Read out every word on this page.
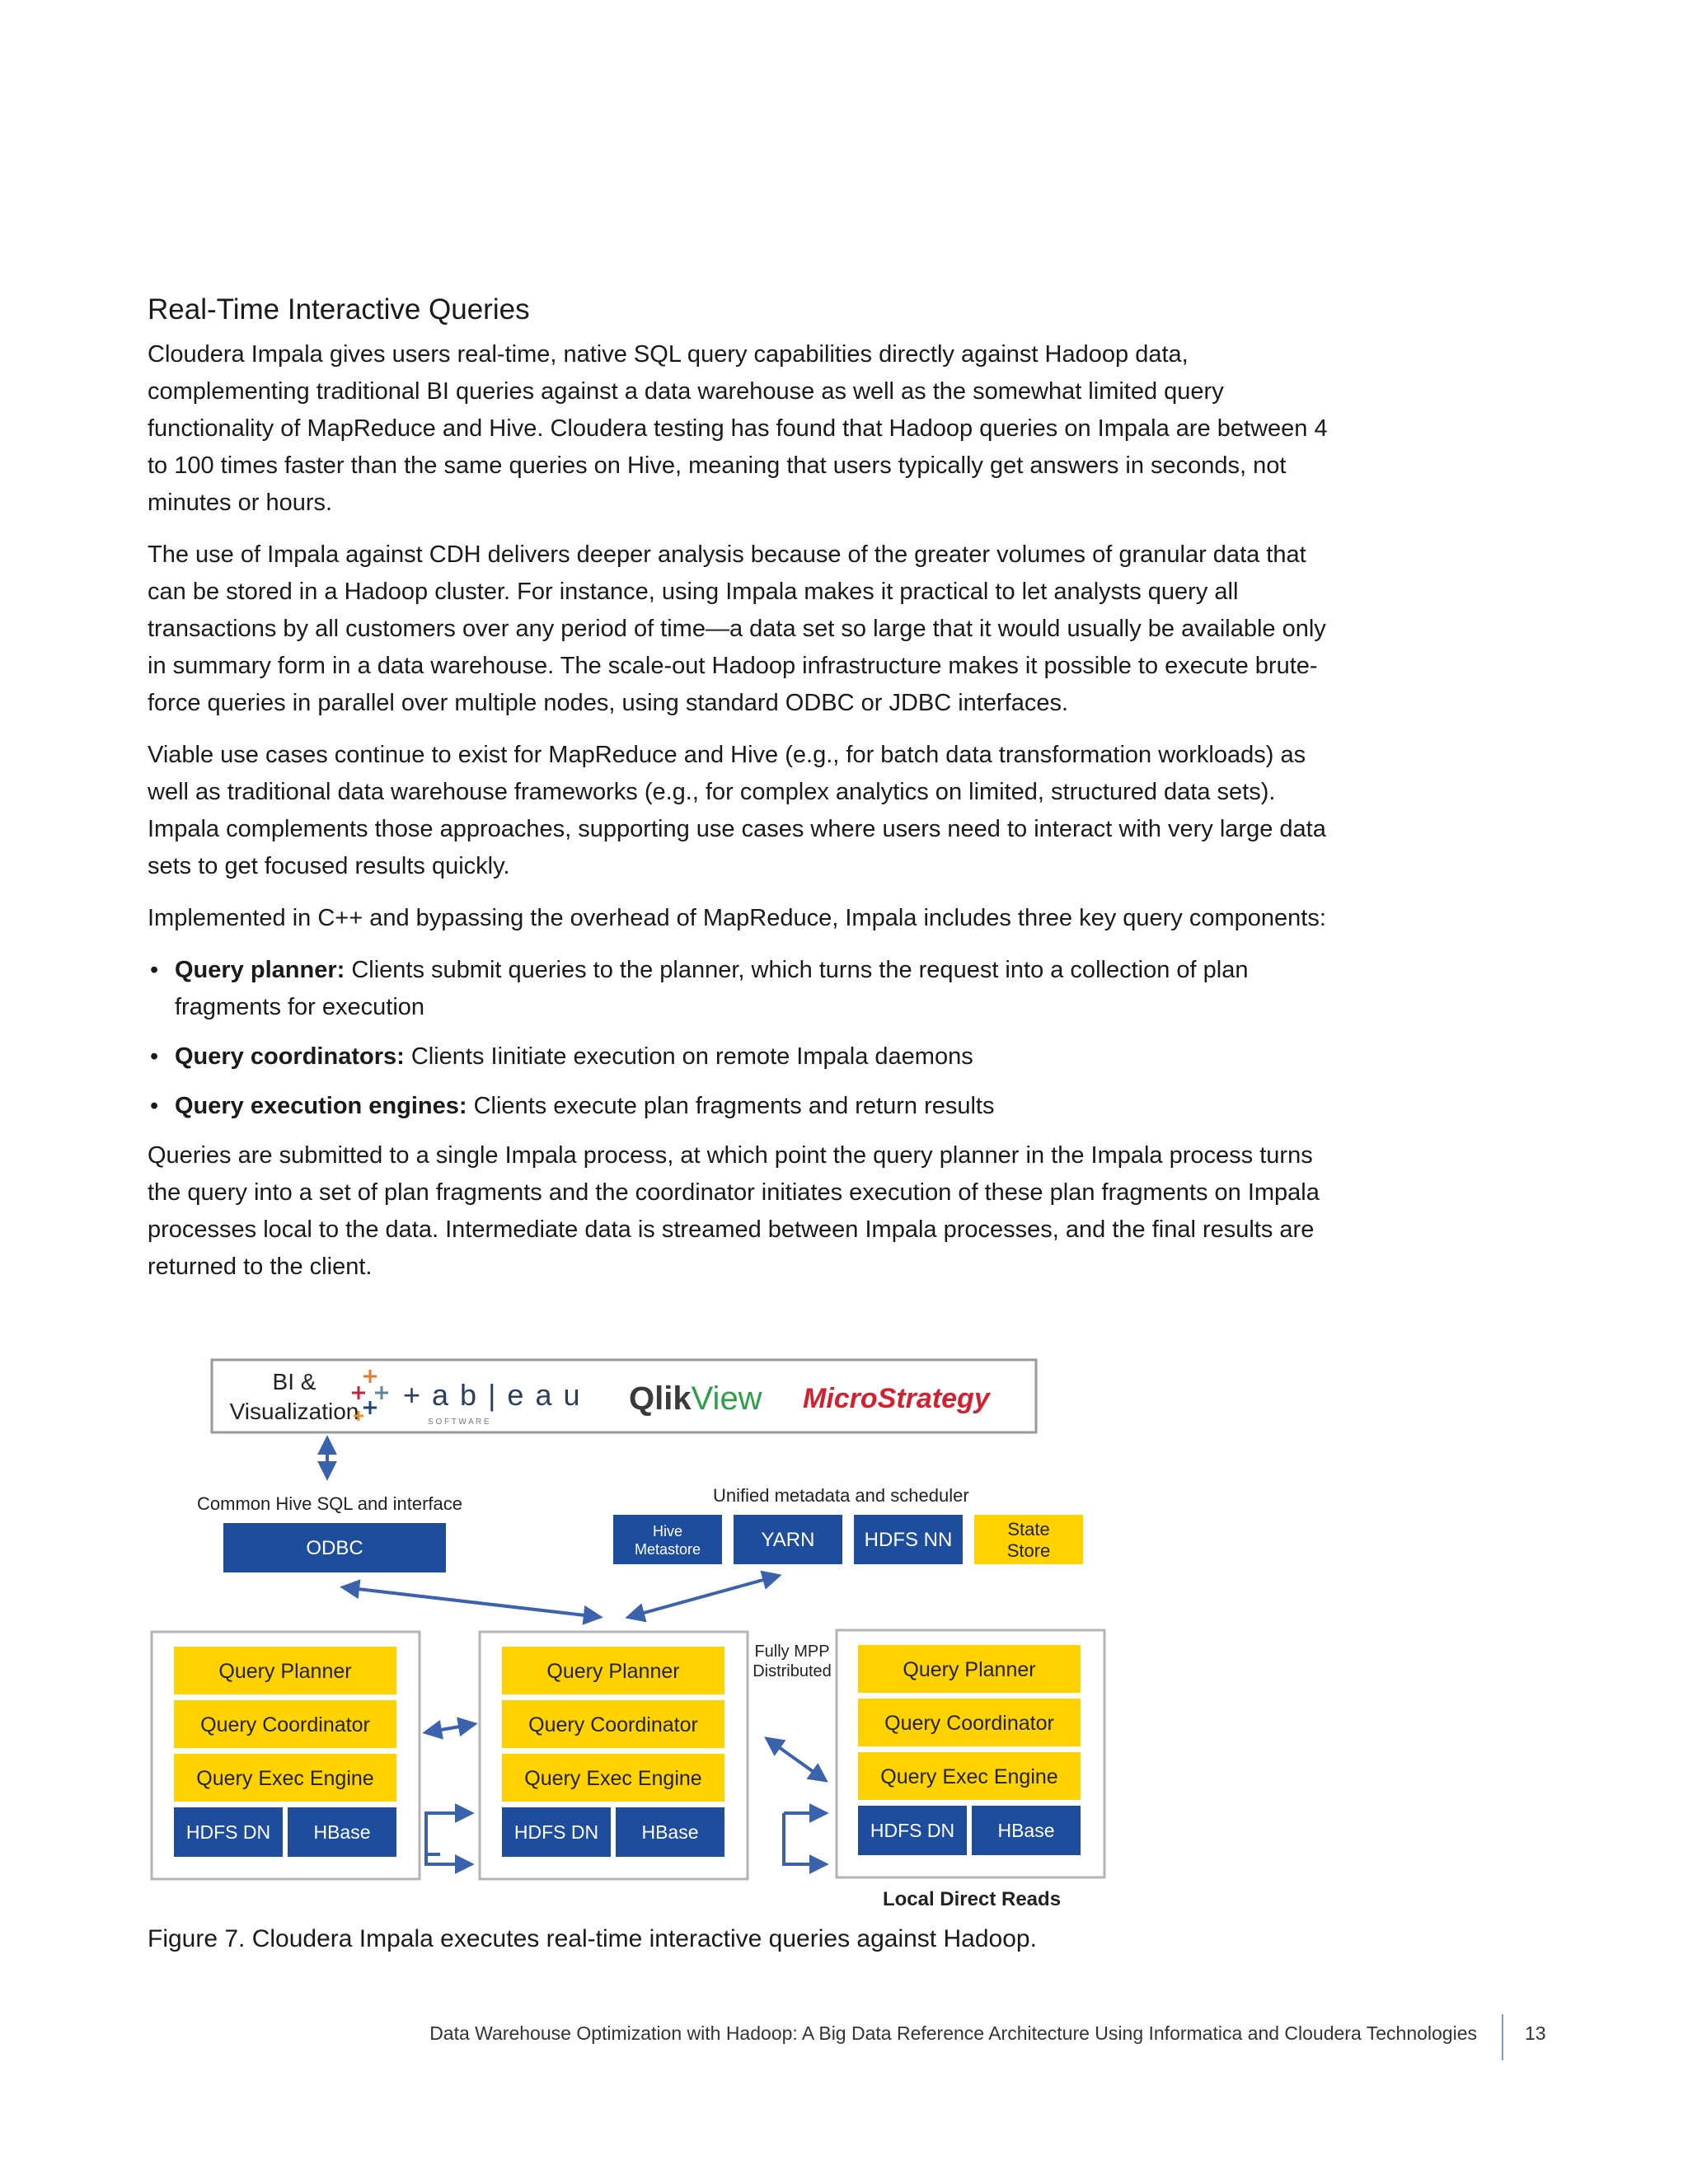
Real-Time Interactive Queries

Cloudera Impala gives users real-time, native SQL query capabilities directly against Hadoop data, complementing traditional BI queries against a data warehouse as well as the somewhat limited query functionality of MapReduce and Hive. Cloudera testing has found that Hadoop queries on Impala are between 4 to 100 times faster than the same queries on Hive, meaning that users typically get answers in seconds, not minutes or hours.

The use of Impala against CDH delivers deeper analysis because of the greater volumes of granular data that can be stored in a Hadoop cluster. For instance, using Impala makes it practical to let analysts query all transactions by all customers over any period of time—a data set so large that it would usually be available only in summary form in a data warehouse. The scale-out Hadoop infrastructure makes it possible to execute brute-force queries in parallel over multiple nodes, using standard ODBC or JDBC interfaces.

Viable use cases continue to exist for MapReduce and Hive (e.g., for batch data transformation workloads) as well as traditional data warehouse frameworks (e.g., for complex analytics on limited, structured data sets). Impala complements those approaches, supporting use cases where users need to interact with very large data sets to get focused results quickly.

Implemented in C++ and bypassing the overhead of MapReduce, Impala includes three key query components:

• Query planner: Clients submit queries to the planner, which turns the request into a collection of plan fragments for execution
• Query coordinators: Clients Iinitiate execution on remote Impala daemons
• Query execution engines: Clients execute plan fragments and return results

Queries are submitted to a single Impala process, at which point the query planner in the Impala process turns the query into a set of plan fragments and the coordinator initiates execution of these plan fragments on Impala processes local to the data. Intermediate data is streamed between Impala processes, and the final results are returned to the client.

BI &
Visualization + a b | e a u
S O F T W A R E
QlikView MicroStrategy
Common Hive SQL and interface
ODBC
Unified metadata and scheduler
Hive
Metastore	YARN	HDFS NN	State
Store
Query Planner
Query Coordinator
Query Exec Engine
HDFS DN HBase
Query Planner
Query Coordinator
Query Exec Engine
HDFS DN HBase
Query Planner
Query Coordinator
Query Exec Engine
HDFS DN HBase
Fully MPP
Distributed
Local Direct Reads
Figure 7. Cloudera Impala executes real-time interactive queries against Hadoop.
Data Warehouse Optimization with Hadoop: A Big Data Reference Architecture Using Informatica and Cloudera Technologies	13
